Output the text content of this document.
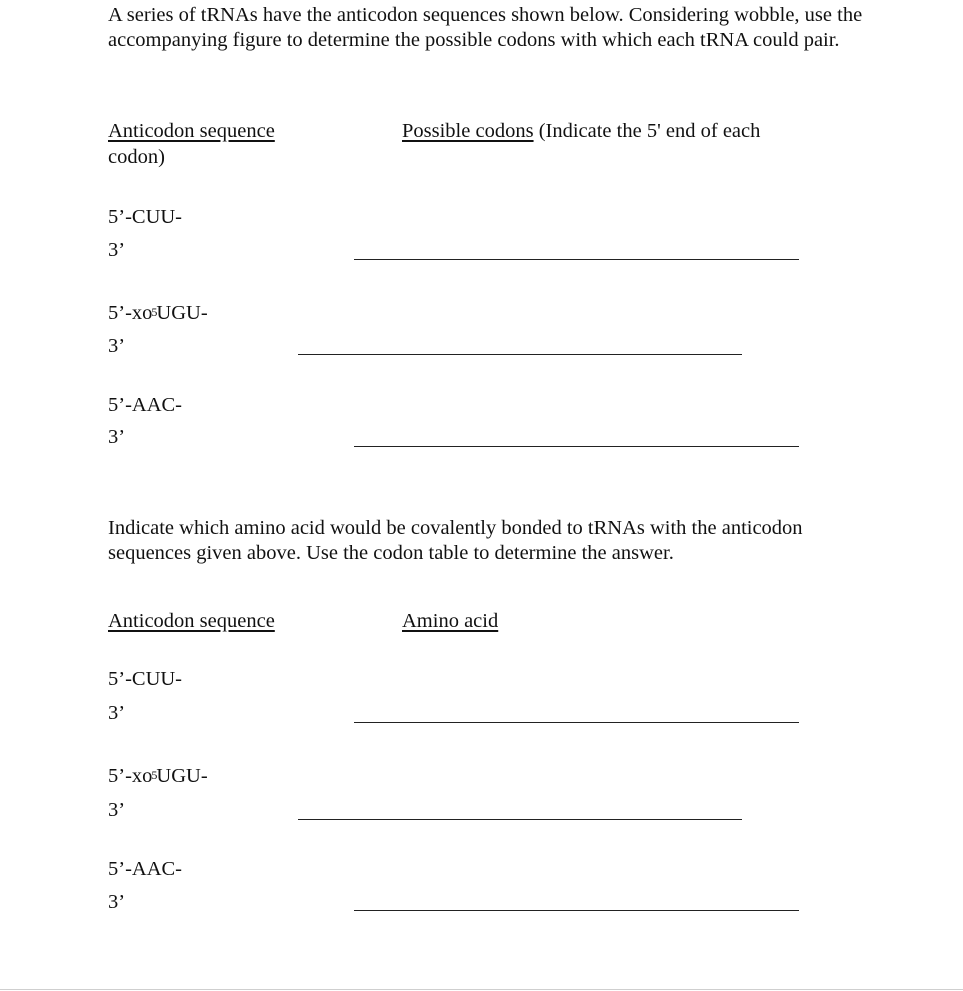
A series of tRNAs have the anticodon sequences shown below. Considering wobble, use the accompanying figure to determine the possible codons with which each tRNA could pair.
Anticodon sequence	Possible codons (Indicate the 5' end of each
codon)
5’-CUU-
3’
$5’-xo^5UGU-$
3’
5’-AAC-
3’
Indicate which amino acid would be covalently bonded to tRNAs with the anticodon sequences given above. Use the codon table to determine the answer.
Anticodon sequence	Amino acid
5’-CUU-
3’
$5’-xo^5UGU-$
3’
5’-AAC-
3’
